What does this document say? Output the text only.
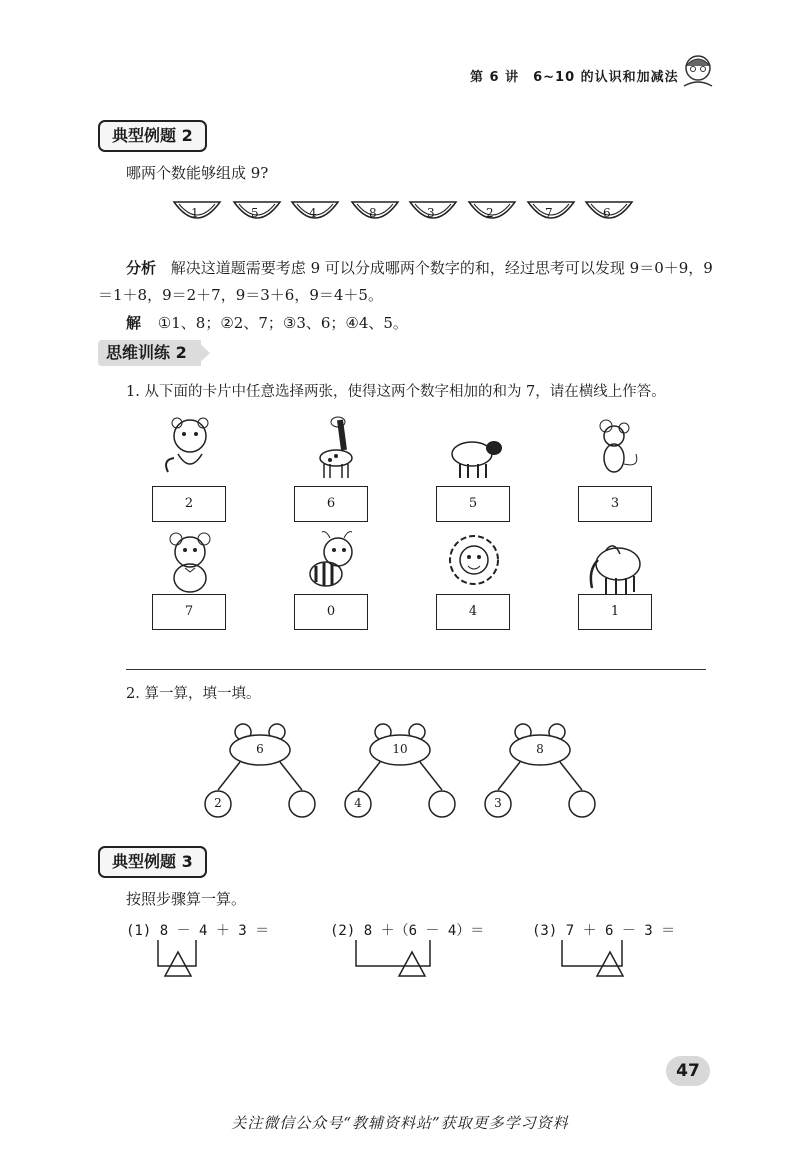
第 6 讲　6~10 的认识和加减法
典型例题 2
哪两个数能够组成 9?
1	5	4	8	3	2	7	6
分析 解决这道题需要考虑 9 可以分成哪两个数字的和，经过思考可以发现 9＝0＋9，9
＝1＋8，9＝2＋7，9＝3＋6，9＝4＋5。
解 ①1、8；②2、7；③3、6；④4、5。
思维训练 2
1. 从下面的卡片中任意选择两张，使得这两个数字相加的和为 7，请在横线上作答。
2	6	5	3
7	0	4	1
2. 算一算，填一填。
6
2
10
4
8
3
典型例题 3
按照步骤算一算。
(1) 8 － 4 ＋ 3 ＝	(2) 8 ＋（6 － 4）＝	(3) 7 ＋ 6 － 3 ＝
47
关注微信公众号“教辅资料站”获取更多学习资料
